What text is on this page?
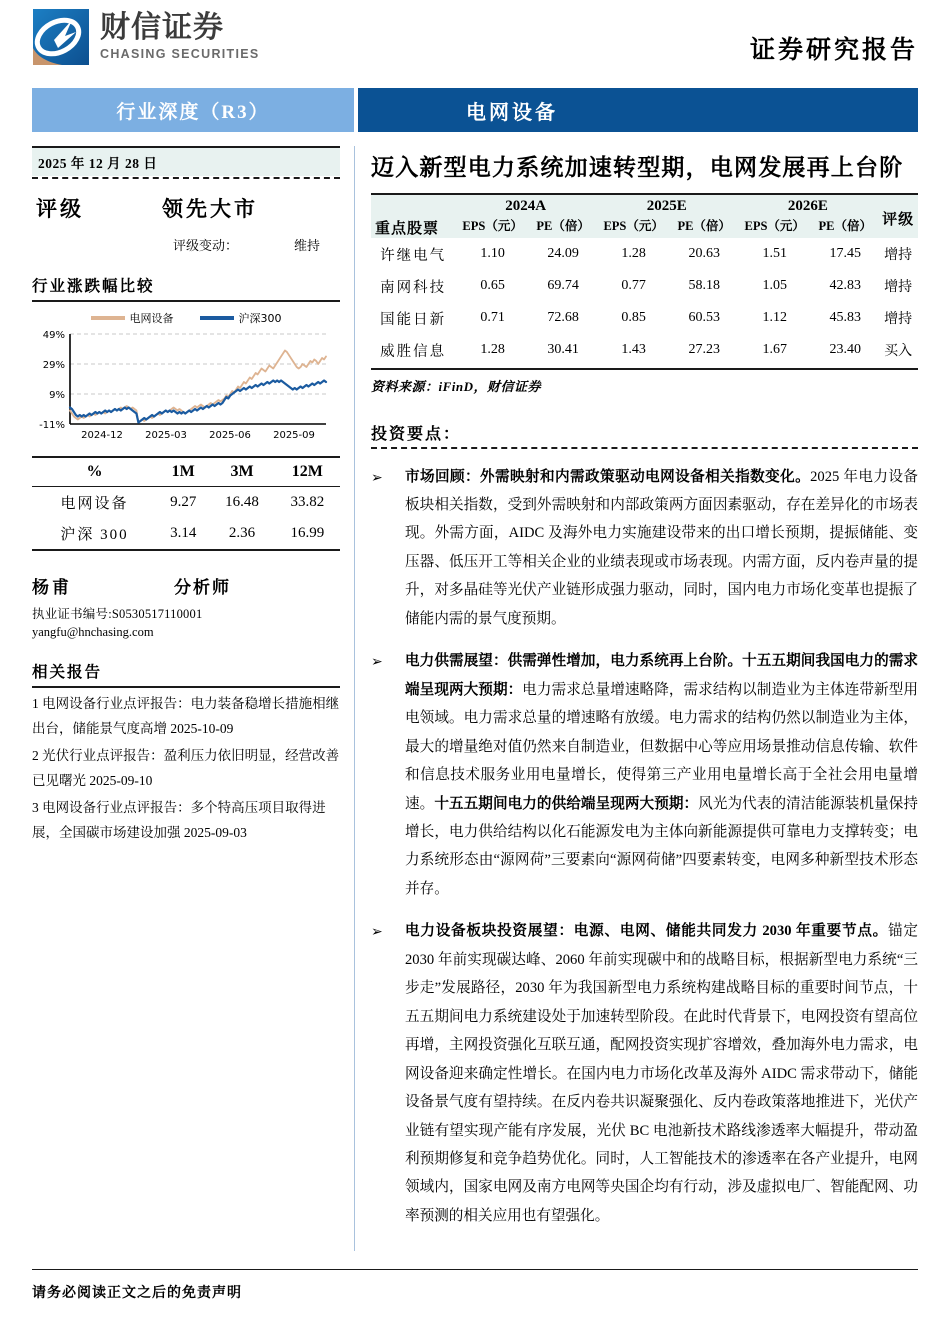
财信证券
CHASING SECURITIES	证券研究报告
行业深度（R3）	电网设备
2025 年 12 月 28 日
评级	领先大市
评级变动：	维持
行业涨跌幅比较
电网设备	沪深300
-11%
9%
29%
49%
2024-12 2025-03 2025-06 2025-09
%	1M	3M	12M
电网设备	9.27	16.48	33.82
沪深 300	3.14	2.36	16.99
杨甫	分析师
执业证书编号:S0530517110001
yangfu@hnchasing.com
相关报告
1 电网设备行业点评报告：电力装备稳增长措施相继出台，储能景气度高增 2025-10-09
2 光伏行业点评报告：盈利压力依旧明显，经营改善已见曙光 2025-09-10
3 电网设备行业点评报告：多个特高压项目取得进展，全国碳市场建设加强 2025-09-03
迈入新型电力系统加速转型期，电网发展再上台阶
重点股票	2024A		2025E		2026E		评级
	EPS（元）	PE（倍）	EPS（元）	PE（倍）	EPS（元）	PE（倍）	
许继电气	1.10	24.09	1.28	20.63	1.51	17.45	增持
南网科技	0.65	69.74	0.77	58.18	1.05	42.83	增持
国能日新	0.71	72.68	0.85	60.53	1.12	45.83	增持
威胜信息	1.28	30.41	1.43	27.23	1.67	23.40	买入
资料来源：iFinD，财信证券
投资要点：
➢	市场回顾：外需映射和内需政策驱动电网设备相关指数变化。2025 年电力设备板块相关指数，受到外需映射和内部政策两方面因素驱动，存在差异化的市场表现。外需方面，AIDC 及海外电力实施建设带来的出口增长预期，提振储能、变压器、低压开工等相关企业的业绩表现或市场表现。内需方面，反内卷声量的提升，对多晶硅等光伏产业链形成强力驱动，同时，国内电力市场化变革也提振了储能内需的景气度预期。
➢	电力供需展望：供需弹性增加，电力系统再上台阶。十五五期间我国电力的需求端呈现两大预期：电力需求总量增速略降，需求结构以制造业为主体连带新型用电领域。电力需求总量的增速略有放缓。电力需求的结构仍然以制造业为主体，最大的增量绝对值仍然来自制造业，但数据中心等应用场景推动信息传输、软件和信息技术服务业用电量增长，使得第三产业用电量增长高于全社会用电量增速。十五五期间电力的供给端呈现两大预期：风光为代表的清洁能源装机量保持增长，电力供给结构以化石能源发电为主体向新能源提供可靠电力支撑转变；电力系统形态由“源网荷”三要素向“源网荷储”四要素转变，电网多种新型技术形态并存。
➢	电力设备板块投资展望：电源、电网、储能共同发力 2030 年重要节点。锚定 2030 年前实现碳达峰、2060 年前实现碳中和的战略目标，根据新型电力系统“三步走”发展路径，2030 年为我国新型电力系统构建战略目标的重要时间节点，十五五期间电力系统建设处于加速转型阶段。在此时代背景下，电网投资有望高位再增，主网投资强化互联互通，配网投资实现扩容增效，叠加海外电力需求，电网设备迎来确定性增长。在国内电力市场化改革及海外 AIDC 需求带动下，储能设备景气度有望持续。在反内卷共识凝聚强化、反内卷政策落地推进下，光伏产业链有望实现产能有序发展，光伏 BC 电池新技术路线渗透率大幅提升，带动盈利预期修复和竞争趋势优化。同时，人工智能技术的渗透率在各产业提升，电网领域内，国家电网及南方电网等央国企均有行动，涉及虚拟电厂、智能配网、功率预测的相关应用也有望强化。
请务必阅读正文之后的免责声明
